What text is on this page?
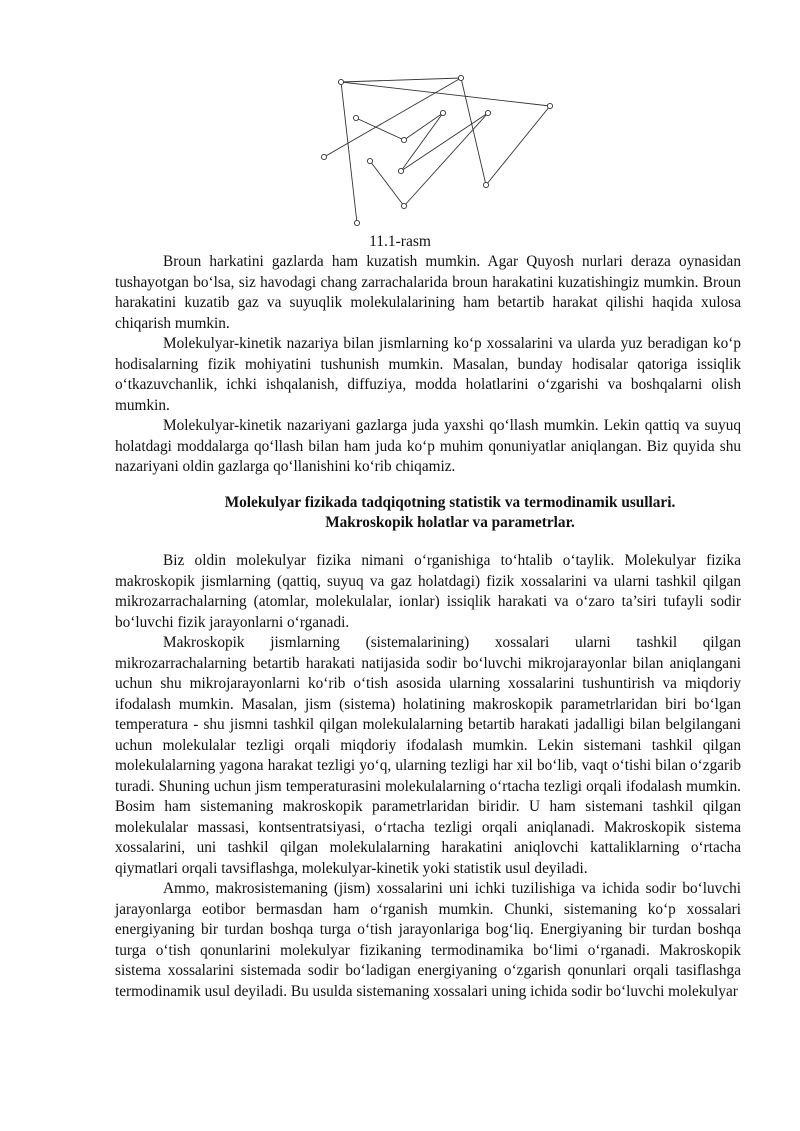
11.1-rasm

Broun harkatini gazlarda ham kuzatish mumkin. Agar Quyosh nurlari deraza oynasidan tushayotgan bo‘lsa, siz havodagi chang zarrachalarida broun harakatini kuzatishingiz mumkin. Broun harakatini kuzatib gaz va suyuqlik molekulalarining ham betartib harakat qilishi haqida xulosa chiqarish mumkin.

Molekulyar-kinetik nazariya bilan jismlarning ko‘p xossalarini va ularda yuz beradigan ko‘p hodisalarning fizik mohiyatini tushunish mumkin. Masalan, bunday hodisalar qatoriga issiqlik o‘tkazuvchanlik, ichki ishqalanish, diffuziya, modda holatlarini o‘zgarishi va boshqalarni olish mumkin.

Molekulyar-kinetik nazariyani gazlarga juda yaxshi qo‘llash mumkin. Lekin qattiq va suyuq holatdagi moddalarga qo‘llash bilan ham juda ko‘p muhim qonuniyatlar aniqlangan. Biz quyida shu nazariyani oldin gazlarga qo‘llanishini ko‘rib chiqamiz.

Molekulyar fizikada tadqiqotning statistik va termodinamik usullari.
Makroskopik holatlar va parametrlar.

Biz oldin molekulyar fizika nimani o‘rganishiga to‘htalib o‘taylik. Molekulyar fizika makroskopik jismlarning (qattiq, suyuq va gaz holatdagi) fizik xossalarini va ularni tashkil qilgan mikrozarrachalarning (atomlar, molekulalar, ionlar) issiqlik harakati va o‘zaro ta’siri tufayli sodir bo‘luvchi fizik jarayonlarni o‘rganadi.

Makroskopik jismlarning (sistemalarining) xossalari ularni tashkil qilgan mikrozarrachalarning betartib harakati natijasida sodir bo‘luvchi mikrojarayonlar bilan aniqlangani uchun shu mikrojarayonlarni ko‘rib o‘tish asosida ularning xossalarini tushuntirish va miqdoriy ifodalash mumkin. Masalan, jism (sistema) holatining makroskopik parametrlaridan biri bo‘lgan temperatura - shu jismni tashkil qilgan molekulalarning betartib harakati jadalligi bilan belgilangani uchun molekulalar tezligi orqali miqdoriy ifodalash mumkin. Lekin sistemani tashkil qilgan molekulalarning yagona harakat tezligi yo‘q, ularning tezligi har xil bo‘lib, vaqt o‘tishi bilan o‘zgarib turadi. Shuning uchun jism temperaturasini molekulalarning o‘rtacha tezligi orqali ifodalash mumkin. Bosim ham sistemaning makroskopik parametrlaridan biridir. U ham sistemani tashkil qilgan molekulalar massasi, kontsentratsiyasi, o‘rtacha tezligi orqali aniqlanadi. Makroskopik sistema xossalarini, uni tashkil qilgan molekulalarning harakatini aniqlovchi kattaliklarning o‘rtacha qiymatlari orqali tavsiflashga, molekulyar-kinetik yoki statistik usul deyiladi.

Ammo, makrosistemaning (jism) xossalarini uni ichki tuzilishiga va ichida sodir bo‘luvchi jarayonlarga eotibor bermasdan ham o‘rganish mumkin. Chunki, sistemaning ko‘p xossalari energiyaning bir turdan boshqa turga o‘tish jarayonlariga bog‘liq. Energiyaning bir turdan boshqa turga o‘tish qonunlarini molekulyar fizikaning termodinamika bo‘limi o‘rganadi. Makroskopik sistema xossalarini sistemada sodir bo‘ladigan energiyaning o‘zgarish qonunlari orqali tasiflashga termodinamik usul deyiladi. Bu usulda sistemaning xossalari uning ichida sodir bo‘luvchi molekulyar
